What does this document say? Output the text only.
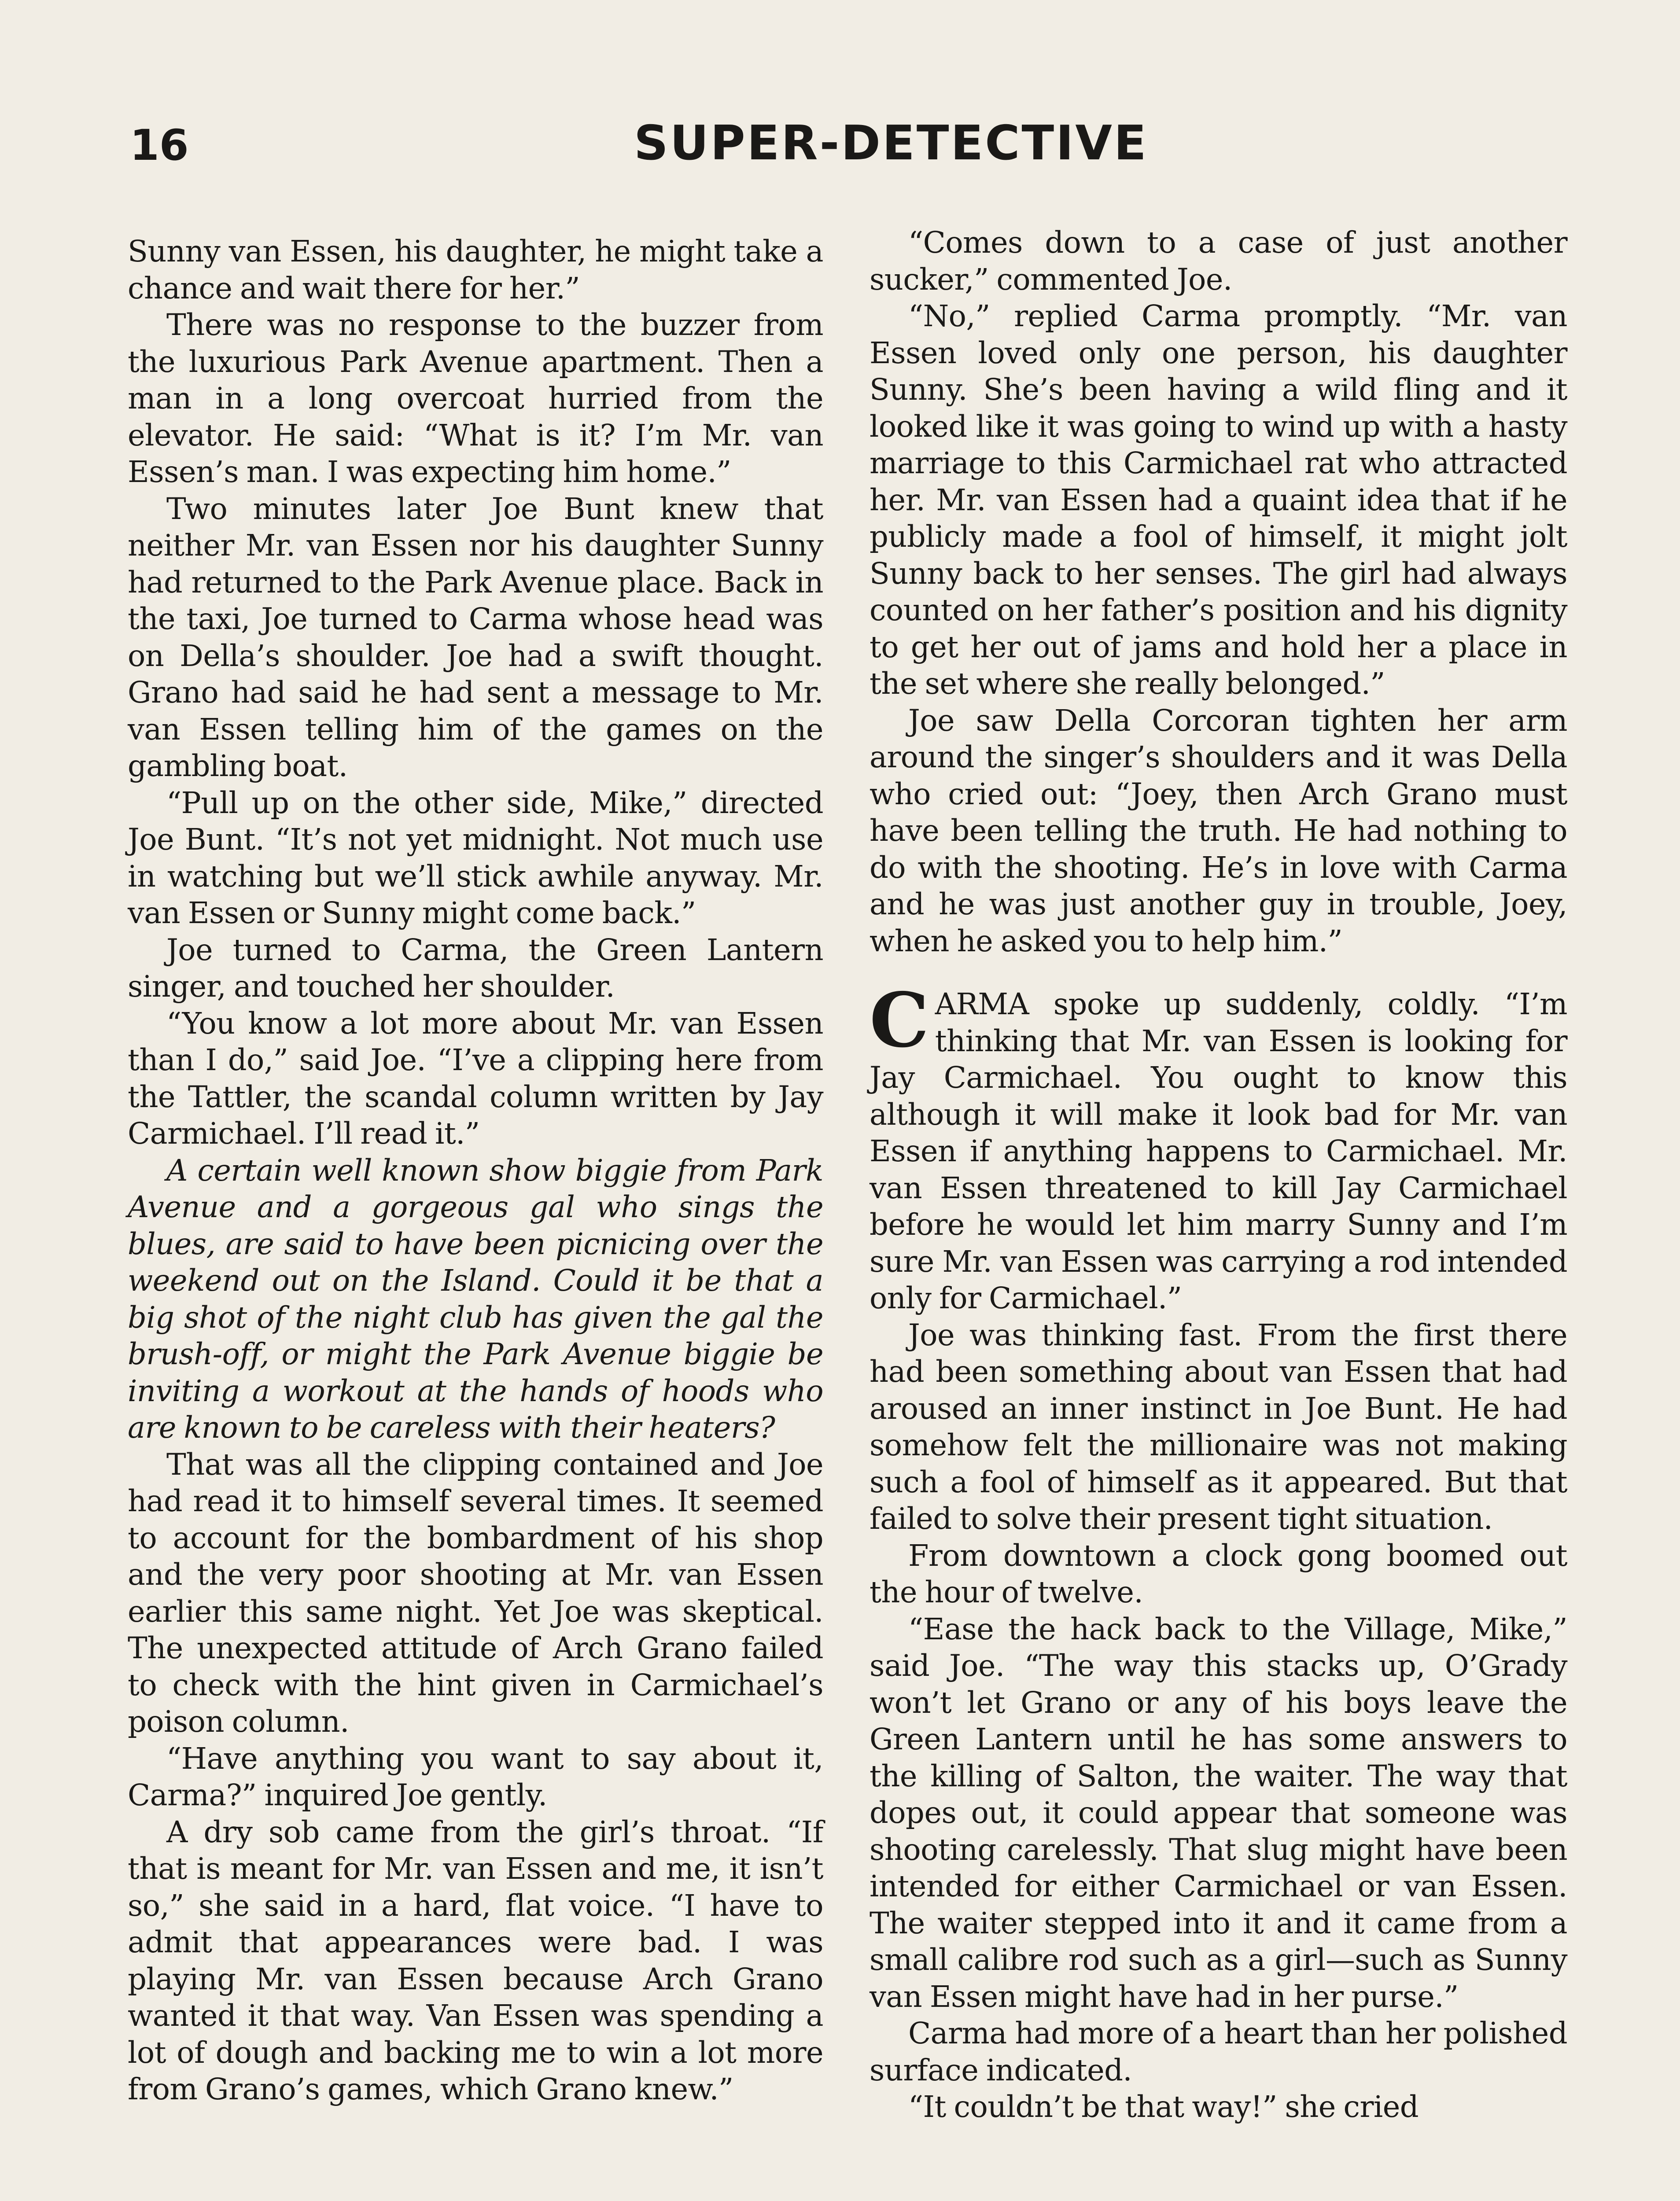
16	SUPER-DETECTIVE

Sunny van Essen, his daughter, he might take a chance and wait there for her.”

There was no response to the buzzer from the luxurious Park Avenue apartment. Then a man in a long overcoat hurried from the elevator. He said: “What is it? I’m Mr. van Essen’s man. I was expecting him home.”

Two minutes later Joe Bunt knew that neither Mr. van Essen nor his daughter Sunny had returned to the Park Avenue place. Back in the taxi, Joe turned to Carma whose head was on Della’s shoulder. Joe had a swift thought. Grano had said he had sent a message to Mr. van Essen telling him of the games on the gambling boat.

“Pull up on the other side, Mike,” directed Joe Bunt. “It’s not yet midnight. Not much use in watching but we’ll stick awhile anyway. Mr. van Essen or Sunny might come back.”

Joe turned to Carma, the Green Lantern singer, and touched her shoulder.

“You know a lot more about Mr. van Essen than I do,” said Joe. “I’ve a clipping here from the Tattler, the scandal column written by Jay Carmichael. I’ll read it.”

A certain well known show biggie from Park Avenue and a gorgeous gal who sings the blues, are said to have been picnicing over the weekend out on the Island. Could it be that a big shot of the night club has given the gal the brush-off, or might the Park Avenue biggie be inviting a workout at the hands of hoods who are known to be careless with their heaters?

That was all the clipping contained and Joe had read it to himself several times. It seemed to account for the bombardment of his shop and the very poor shooting at Mr. van Essen earlier this same night. Yet Joe was skeptical. The unexpected attitude of Arch Grano failed to check with the hint given in Carmichael’s poison column.

“Have anything you want to say about it, Carma?” inquired Joe gently.

A dry sob came from the girl’s throat. “If that is meant for Mr. van Essen and me, it isn’t so,” she said in a hard, flat voice. “I have to admit that appearances were bad. I was playing Mr. van Essen because Arch Grano wanted it that way. Van Essen was spending a lot of dough and backing me to win a lot more from Grano’s games, which Grano knew.”

“Comes down to a case of just another sucker,” commented Joe.

“No,” replied Carma promptly. “Mr. van Essen loved only one person, his daughter Sunny. She’s been having a wild fling and it looked like it was going to wind up with a hasty marriage to this Carmichael rat who attracted her. Mr. van Essen had a quaint idea that if he publicly made a fool of himself, it might jolt Sunny back to her senses. The girl had always counted on her father’s position and his dignity to get her out of jams and hold her a place in the set where she really belonged.”

Joe saw Della Corcoran tighten her arm around the singer’s shoulders and it was Della who cried out: “Joey, then Arch Grano must have been telling the truth. He had nothing to do with the shooting. He’s in love with Carma and he was just another guy in trouble, Joey, when he asked you to help him.”

CARMA spoke up suddenly, coldly. “I’m thinking that Mr. van Essen is looking for Jay Carmichael. You ought to know this although it will make it look bad for Mr. van Essen if anything happens to Carmichael. Mr. van Essen threatened to kill Jay Carmichael before he would let him marry Sunny and I’m sure Mr. van Essen was carrying a rod intended only for Carmichael.”

Joe was thinking fast. From the first there had been something about van Essen that had aroused an inner instinct in Joe Bunt. He had somehow felt the millionaire was not making such a fool of himself as it appeared. But that failed to solve their present tight situation.

From downtown a clock gong boomed out the hour of twelve.

“Ease the hack back to the Village, Mike,” said Joe. “The way this stacks up, O’Grady won’t let Grano or any of his boys leave the Green Lantern until he has some answers to the killing of Salton, the waiter. The way that dopes out, it could appear that someone was shooting carelessly. That slug might have been intended for either Carmichael or van Essen. The waiter stepped into it and it came from a small calibre rod such as a girl—such as Sunny van Essen might have had in her purse.”

Carma had more of a heart than her polished surface indicated.

“It couldn’t be that way!” she cried
